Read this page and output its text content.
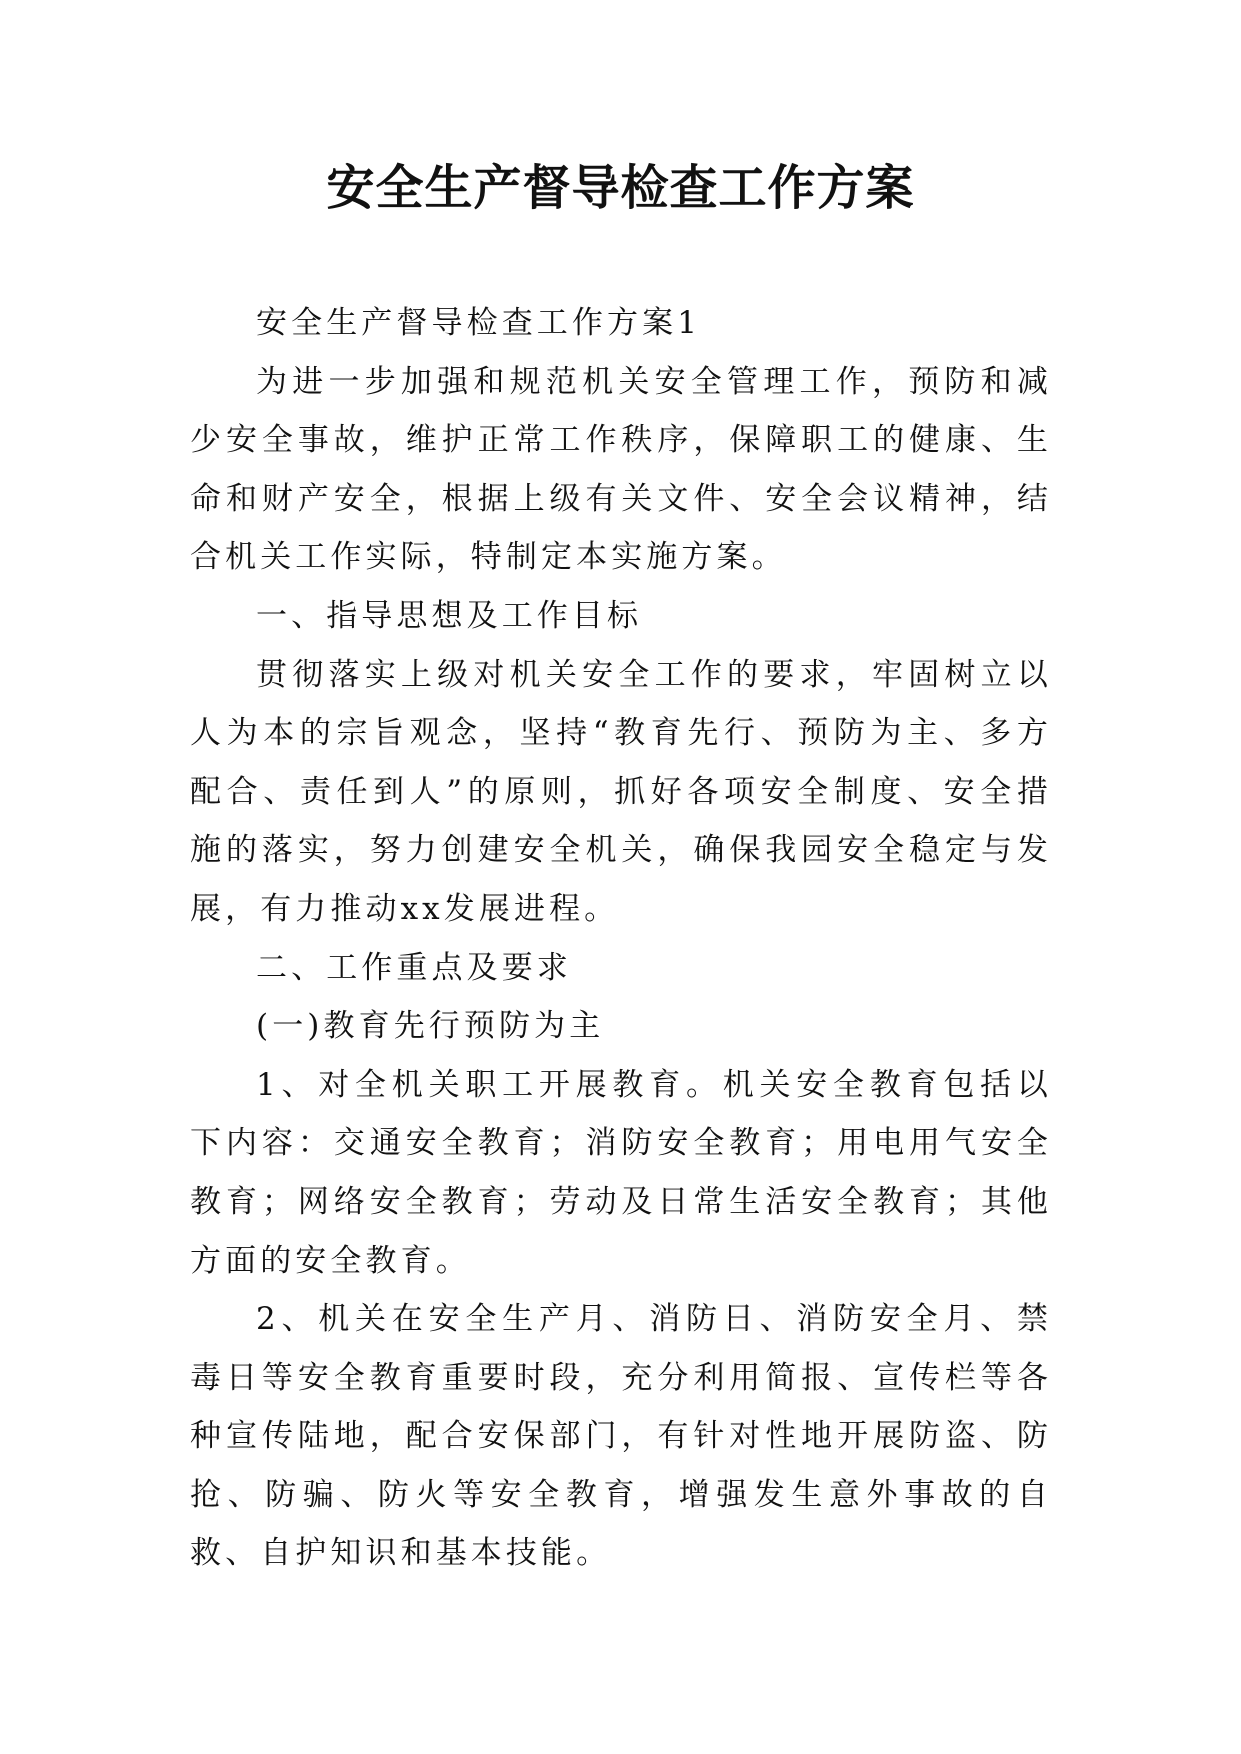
安全生产督导检查工作方案

安全生产督导检查工作方案1

为进一步加强和规范机关安全管理工作，预防和减少安全事故，维护正常工作秩序，保障职工的健康、生命和财产安全，根据上级有关文件、安全会议精神，结合机关工作实际，特制定本实施方案。

一、指导思想及工作目标

贯彻落实上级对机关安全工作的要求，牢固树立以人为本的宗旨观念，坚持“教育先行、预防为主、多方配合、责任到人”的原则，抓好各项安全制度、安全措施的落实，努力创建安全机关，确保我园安全稳定与发展，有力推动xx发展进程。

二、工作重点及要求

(一)教育先行预防为主

1、对全机关职工开展教育。机关安全教育包括以下内容：交通安全教育；消防安全教育；用电用气安全教育；网络安全教育；劳动及日常生活安全教育；其他方面的安全教育。

2、机关在安全生产月、消防日、消防安全月、禁毒日等安全教育重要时段，充分利用简报、宣传栏等各种宣传陆地，配合安保部门，有针对性地开展防盗、防抢、防骗、防火等安全教育，增强发生意外事故的自救、自护知识和基本技能。
